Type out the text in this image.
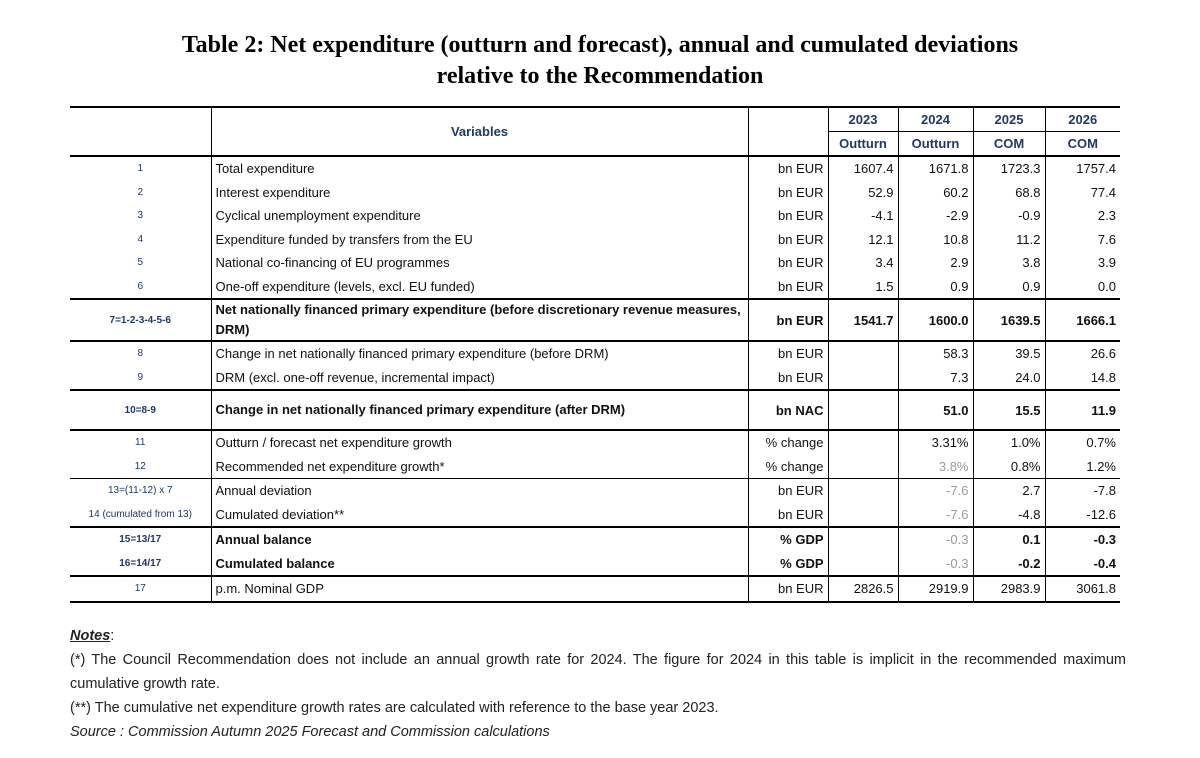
Table 2: Net expenditure (outturn and forecast), annual and cumulated deviations
relative to the Recommendation
	Variables		2023	2024	2025	2026
			Outturn	Outturn	COM	COM
1	Total expenditure	bn EUR	1607.4	1671.8	1723.3	1757.4
2	Interest expenditure	bn EUR	52.9	60.2	68.8	77.4
3	Cyclical unemployment expenditure	bn EUR	-4.1	-2.9	-0.9	2.3
4	Expenditure funded by transfers from the EU	bn EUR	12.1	10.8	11.2	7.6
5	National co-financing of EU programmes	bn EUR	3.4	2.9	3.8	3.9
6	One-off expenditure (levels, excl. EU funded)	bn EUR	1.5	0.9	0.9	0.0
7=1-2-3-4-5-6	Net nationally financed primary expenditure (before discretionary revenue measures, DRM)	bn EUR	1541.7	1600.0	1639.5	1666.1
8	Change in net nationally financed primary expenditure (before DRM)	bn EUR		58.3	39.5	26.6
9	DRM (excl. one-off revenue, incremental impact)	bn EUR		7.3	24.0	14.8
10=8-9	Change in net nationally financed primary expenditure (after DRM)	bn NAC		51.0	15.5	11.9
11	Outturn / forecast net expenditure growth	% change		3.31%	1.0%	0.7%
12	Recommended net expenditure growth*	% change		3.8%	0.8%	1.2%
13=(11-12) x 7	Annual deviation	bn EUR		-7.6	2.7	-7.8
14 (cumulated from 13)	Cumulated deviation**	bn EUR		-7.6	-4.8	-12.6
15=13/17	Annual balance	% GDP		-0.3	0.1	-0.3
16=14/17	Cumulated balance	% GDP		-0.3	-0.2	-0.4
17	p.m. Nominal GDP	bn EUR	2826.5	2919.9	2983.9	3061.8

Notes:

(*) The Council Recommendation does not include an annual growth rate for 2024. The figure for 2024 in this table is implicit in the recommended maximum cumulative growth rate.

(**) The cumulative net expenditure growth rates are calculated with reference to the base year 2023.

Source : Commission Autumn 2025 Forecast and Commission calculations
